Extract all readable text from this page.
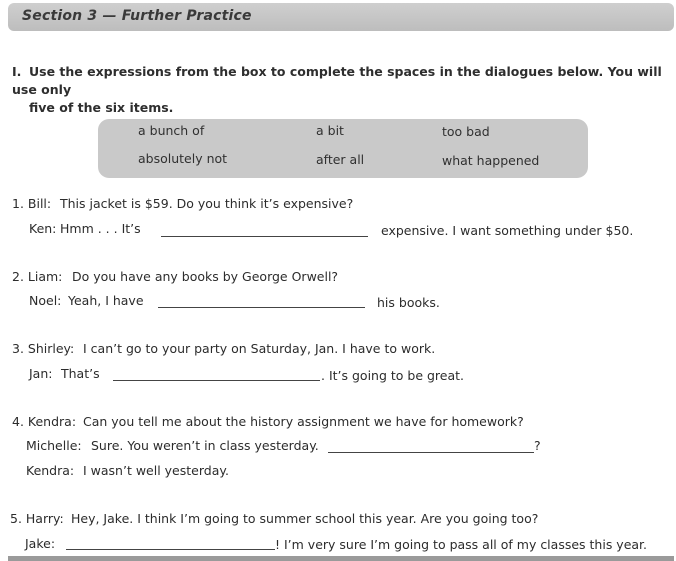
Section 3 — Further Practice
I. Use the expressions from the box to complete the spaces in the dialogues below. You will use only
five of the six items.
a bunch of	a bit	too bad
absolutely not	after all	what happened
1. Bill: This jacket is $59. Do you think it’s expensive?
Ken: Hmm . . . It’s	expensive. I want something under $50.
2. Liam: Do you have any books by George Orwell?
Noel: Yeah, I have	his books.
3. Shirley: I can’t go to your party on Saturday, Jan. I have to work.
Jan: That’s	. It’s going to be great.
4. Kendra: Can you tell me about the history assignment we have for homework?
Michelle: Sure. You weren’t in class yesterday.	?
Kendra: I wasn’t well yesterday.
5. Harry: Hey, Jake. I think I’m going to summer school this year. Are you going too?
Jake:	! I’m very sure I’m going to pass all of my classes this year.
